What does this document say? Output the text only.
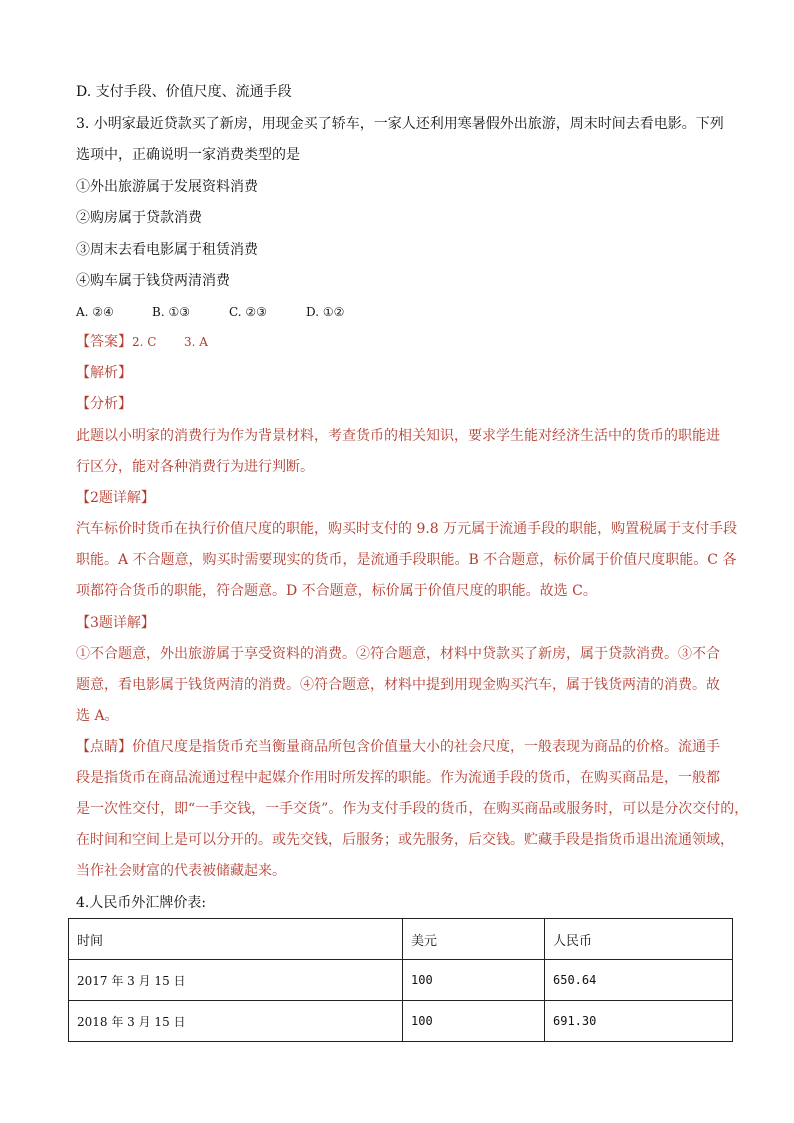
D. 支付手段、价值尺度、流通手段
3. 小明家最近贷款买了新房，用现金买了轿车，一家人还利用寒暑假外出旅游，周末时间去看电影。下列
选项中，正确说明一家消费类型的是
①外出旅游属于发展资料消费
②购房属于贷款消费
③周末去看电影属于租赁消费
④购车属于钱贷两清消费
A. ②④	B. ①③	C. ②③	D. ①②
【答案】2. C 3. A
【解析】
【分析】
此题以小明家的消费行为作为背景材料，考查货币的相关知识，要求学生能对经济生活中的货币的职能进
行区分，能对各种消费行为进行判断。
【2题详解】
汽车标价时货币在执行价值尺度的职能，购买时支付的 9.8 万元属于流通手段的职能，购置税属于支付手段
职能。A 不合题意，购买时需要现实的货币，是流通手段职能。B 不合题意，标价属于价值尺度职能。C 各
项都符合货币的职能，符合题意。D 不合题意，标价属于价值尺度的职能。故选 C。
【3题详解】
①不合题意，外出旅游属于享受资料的消费。②符合题意，材料中贷款买了新房，属于贷款消费。③不合
题意，看电影属于钱货两清的消费。④符合题意，材料中提到用现金购买汽车，属于钱货两清的消费。故
选 A。
【点睛】价值尺度是指货币充当衡量商品所包含价值量大小的社会尺度，一般表现为商品的价格。流通手
段是指货币在商品流通过程中起媒介作用时所发挥的职能。作为流通手段的货币，在购买商品是，一般都
是一次性交付，即“一手交钱，一手交货”。作为支付手段的货币，在购买商品或服务时，可以是分次交付的，
在时间和空间上是可以分开的。或先交钱，后服务；或先服务，后交钱。贮藏手段是指货币退出流通领域，
当作社会财富的代表被储藏起来。
4.人民币外汇牌价表:
时间	美元	人民币
2017 年 3 月 15 日	100	650.64
2018 年 3 月 15 日	100	691.30
